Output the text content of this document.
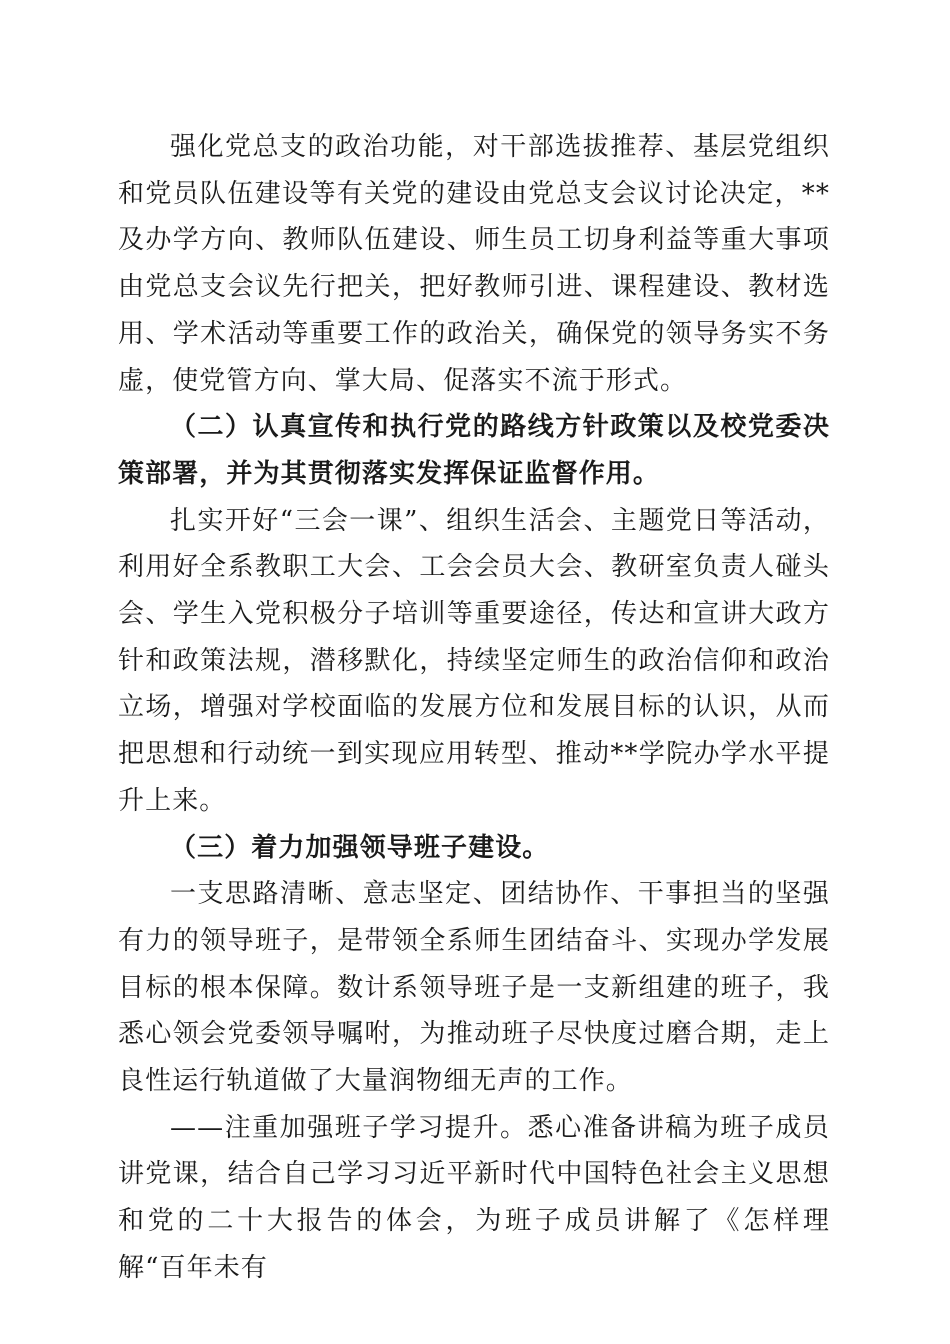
强化党总支的政治功能，对干部选拔推荐、基层党组织和党员队伍建设等有关党的建设由党总支会议讨论决定，**及办学方向、教师队伍建设、师生员工切身利益等重大事项由党总支会议先行把关，把好教师引进、课程建设、教材选用、学术活动等重要工作的政治关，确保党的领导务实不务虚，使党管方向、掌大局、促落实不流于形式。

（二）认真宣传和执行党的路线方针政策以及校党委决策部署，并为其贯彻落实发挥保证监督作用。

扎实开好“三会一课”、组织生活会、主题党日等活动，利用好全系教职工大会、工会会员大会、教研室负责人碰头会、学生入党积极分子培训等重要途径，传达和宣讲大政方针和政策法规，潜移默化，持续坚定师生的政治信仰和政治立场，增强对学校面临的发展方位和发展目标的认识，从而把思想和行动统一到实现应用转型、推动**学院办学水平提升上来。

（三）着力加强领导班子建设。

一支思路清晰、意志坚定、团结协作、干事担当的坚强有力的领导班子，是带领全系师生团结奋斗、实现办学发展目标的根本保障。数计系领导班子是一支新组建的班子，我悉心领会党委领导嘱咐，为推动班子尽快度过磨合期，走上良性运行轨道做了大量润物细无声的工作。

——注重加强班子学习提升。悉心准备讲稿为班子成员讲党课，结合自己学习习近平新时代中国特色社会主义思想和党的二十大报告的体会，为班子成员讲解了《怎样理解“百年未有
